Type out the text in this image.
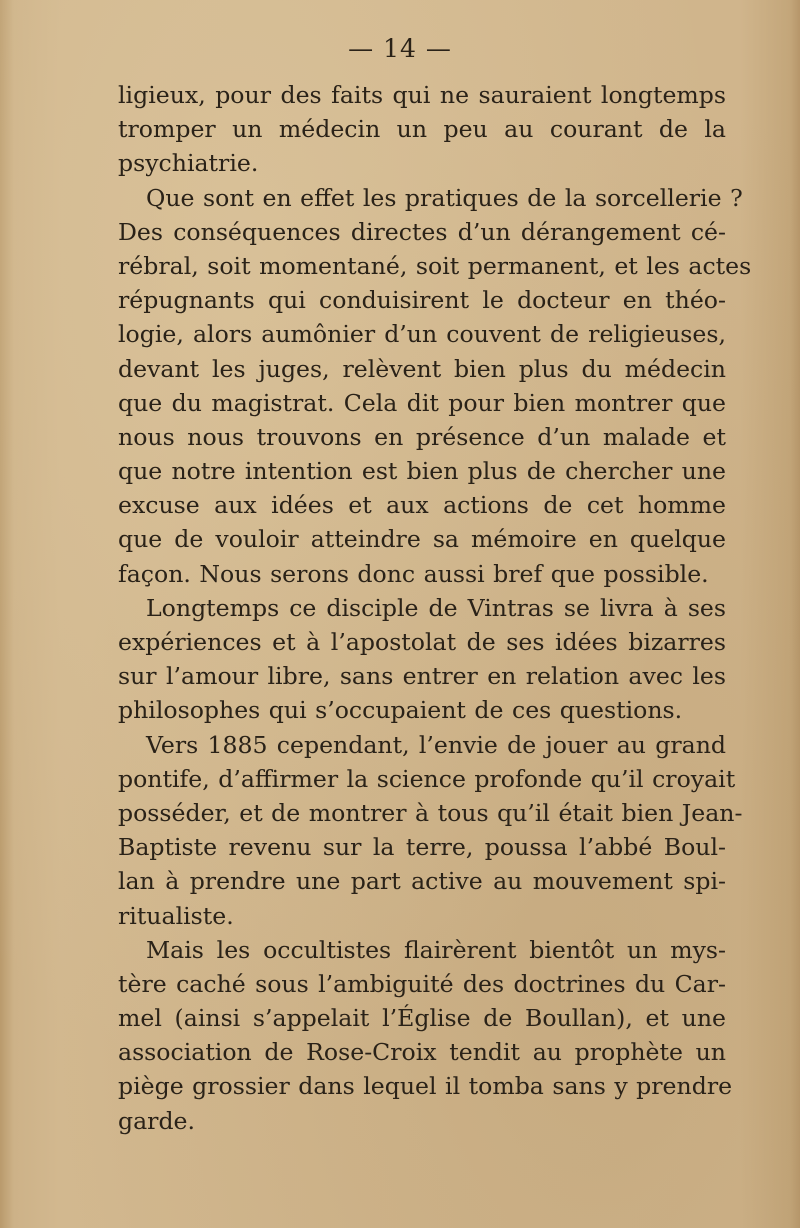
— 14 —
ligieux, pour des faits qui ne sauraient longtemps
tromper un médecin un peu au courant de la
psychiatrie.
Que sont en effet les pratiques de la sorcellerie ?
Des conséquences directes d’un dérangement cé-
rébral, soit momentané, soit permanent, et les actes
répugnants qui conduisirent le docteur en théo-
logie, alors aumônier d’un couvent de religieuses,
devant les juges, relèvent bien plus du médecin
que du magistrat. Cela dit pour bien montrer que
nous nous trouvons en présence d’un malade et
que notre intention est bien plus de chercher une
excuse aux idées et aux actions de cet homme
que de vouloir atteindre sa mémoire en quelque
façon. Nous serons donc aussi bref que possible.
Longtemps ce disciple de Vintras se livra à ses
expériences et à l’apostolat de ses idées bizarres
sur l’amour libre, sans entrer en relation avec les
philosophes qui s’occupaient de ces questions.
Vers 1885 cependant, l’envie de jouer au grand
pontife, d’affirmer la science profonde qu’il croyait
posséder, et de montrer à tous qu’il était bien Jean-
Baptiste revenu sur la terre, poussa l’abbé Boul-
lan à prendre une part active au mouvement spi-
ritualiste.
Mais les occultistes flairèrent bientôt un mys-
tère caché sous l’ambiguité des doctrines du Car-
mel (ainsi s’appelait l’Église de Boullan), et une
association de Rose-Croix tendit au prophète un
piège grossier dans lequel il tomba sans y prendre
garde.
